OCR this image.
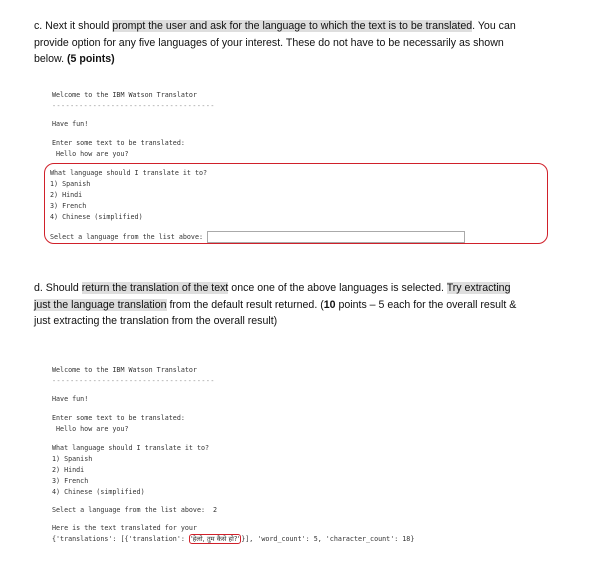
c. Next it should prompt the user and ask for the language to which the text is to be translated. You can
provide option for any five languages of your interest. These do not have to be necessarily as shown
below. (5 points)
Welcome to the IBM Watson Translator
------------------------------------
Have fun!
Enter some text to be translated:
Hello how are you?
What language should I translate it to?
1) Spanish
2) Hindi
3) French
4) Chinese (simplified)
Select a language from the list above:
d. Should return the translation of the text once one of the above languages is selected. Try extracting
just the language translation from the default result returned. (10 points – 5 each for the overall result &
just extracting the translation from the overall result)
Welcome to the IBM Watson Translator
------------------------------------
Have fun!
Enter some text to be translated:
Hello how are you?
What language should I translate it to?
1) Spanish
2) Hindi
3) French
4) Chinese (simplified)
Select a language from the list above:  2
Here is the text translated for your
{'translations': [{'translation': 'हेलो, तुम कैसे हो?' }], 'word_count': 5, 'character_count': 18}
